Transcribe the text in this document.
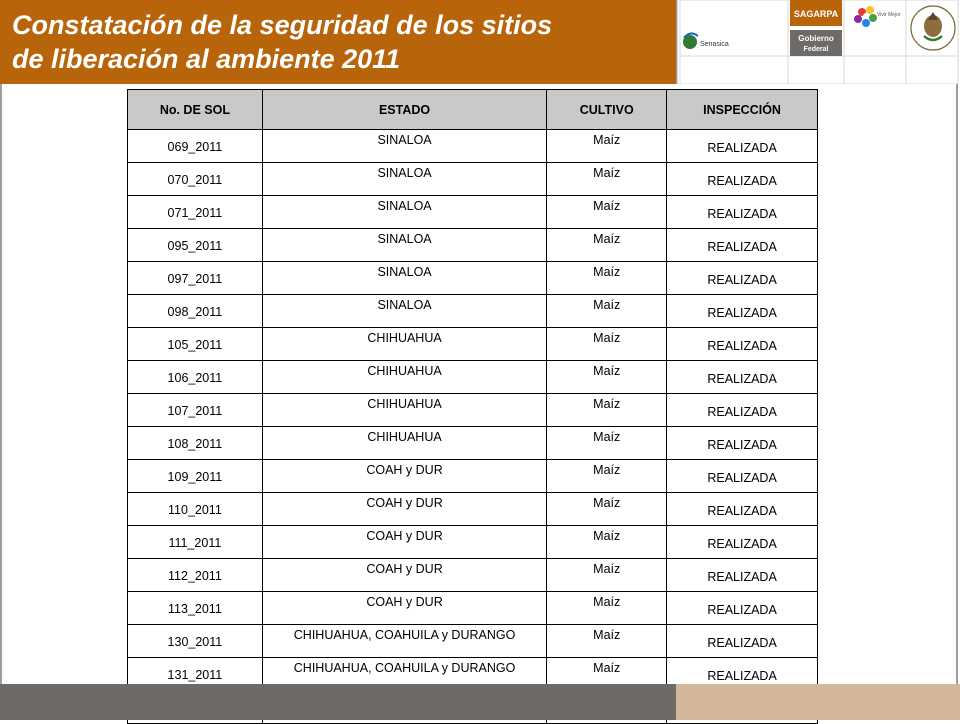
Constatación de la seguridad de los sitios
de liberación al ambiente 2011
SAGARPA
Gobierno
Federal
Senasica
Vivir Mejor
No. DE SOL	ESTADO	CULTIVO	INSPECCIÓN
069_2011	SINALOA	Maíz	REALIZADA
070_2011	SINALOA	Maíz	REALIZADA
071_2011	SINALOA	Maíz	REALIZADA
095_2011	SINALOA	Maíz	REALIZADA
097_2011	SINALOA	Maíz	REALIZADA
098_2011	SINALOA	Maíz	REALIZADA
105_2011	CHIHUAHUA	Maíz	REALIZADA
106_2011	CHIHUAHUA	Maíz	REALIZADA
107_2011	CHIHUAHUA	Maíz	REALIZADA
108_2011	CHIHUAHUA	Maíz	REALIZADA
109_2011	COAH y DUR	Maíz	REALIZADA
110_2011	COAH y DUR	Maíz	REALIZADA
111_2011	COAH y DUR	Maíz	REALIZADA
112_2011	COAH y DUR	Maíz	REALIZADA
113_2011	COAH y DUR	Maíz	REALIZADA
130_2011	CHIHUAHUA, COAHUILA y DURANGO	Maíz	REALIZADA
131_2011	CHIHUAHUA, COAHUILA y DURANGO	Maíz	REALIZADA
